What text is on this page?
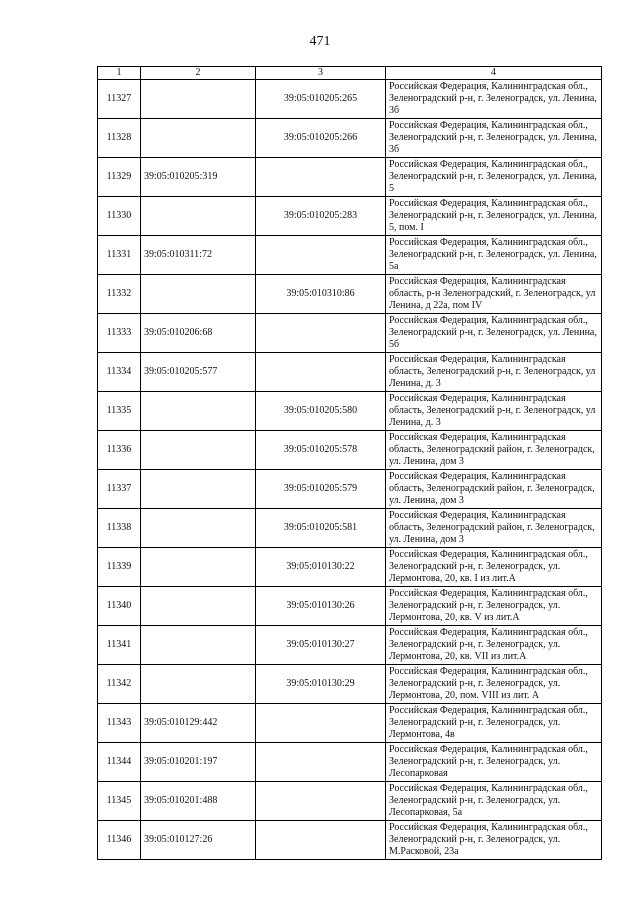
471
1	2	3	4
11327		39:05:010205:265	Российская Федерация, Калининградская обл., Зеленоградский р-н, г. Зеленоградск, ул. Ленина, 3б
11328		39:05:010205:266	Российская Федерация, Калининградская обл., Зеленоградский р-н, г. Зеленоградск, ул. Ленина, 3б
11329	39:05:010205:319		Российская Федерация, Калининградская обл., Зеленоградский р-н, г. Зеленоградск, ул. Ленина, 5
11330		39:05:010205:283	Российская Федерация, Калининградская обл., Зеленоградский р-н, г. Зеленоградск, ул. Ленина, 5, пом. I
11331	39:05:010311:72		Российская Федерация, Калининградская обл., Зеленоградский р-н, г. Зеленоградск, ул. Ленина, 5а
11332		39:05:010310:86	Российская Федерация, Калининградская область, р-н Зеленоградский, г. Зеленоградск, ул Ленина, д 22а, пом IV
11333	39:05:010206:68		Российская Федерация, Калининградская обл., Зеленоградский р-н, г. Зеленоградск, ул. Ленина, 5б
11334	39:05:010205:577		Российская Федерация, Калининградская область, Зеленоградский р-н, г. Зеленоградск, ул Ленина, д. 3
11335		39:05:010205:580	Российская Федерация, Калининградская область, Зеленоградский р-н, г. Зеленоградск, ул Ленина, д. 3
11336		39:05:010205:578	Российская Федерация, Калининградская область, Зеленоградский район, г. Зеленоградск, ул. Ленина, дом 3
11337		39:05:010205:579	Российская Федерация, Калининградская область, Зеленоградский район, г. Зеленоградск, ул. Ленина, дом 3
11338		39:05:010205:581	Российская Федерация, Калининградская область, Зеленоградский район, г. Зеленоградск, ул. Ленина, дом 3
11339		39:05:010130:22	Российская Федерация, Калининградская обл., Зеленоградский р-н, г. Зеленоградск, ул. Лермонтова, 20, кв. I из лит.А
11340		39:05:010130:26	Российская Федерация, Калининградская обл., Зеленоградский р-н, г. Зеленоградск, ул. Лермонтова, 20, кв. V из лит.А
11341		39:05:010130:27	Российская Федерация, Калининградская обл., Зеленоградский р-н, г. Зеленоградск, ул. Лермонтова, 20, кв. VII из лит.А
11342		39:05:010130:29	Российская Федерация, Калининградская обл., Зеленоградский р-н, г. Зеленоградск, ул. Лермонтова, 20, пом. VIII из лит. А
11343	39:05:010129:442		Российская Федерация, Калининградская обл., Зеленоградский р-н, г. Зеленоградск, ул. Лермонтова, 4в
11344	39:05:010201:197		Российская Федерация, Калининградская обл., Зеленоградский р-н, г. Зеленоградск, ул. Лесопарковая
11345	39:05:010201:488		Российская Федерация, Калининградская обл., Зеленоградский р-н, г. Зеленоградск, ул. Лесопарковая, 5а
11346	39:05:010127:26		Российская Федерация, Калининградская обл., Зеленоградский р-н, г. Зеленоградск, ул. М.Расковой, 23а
